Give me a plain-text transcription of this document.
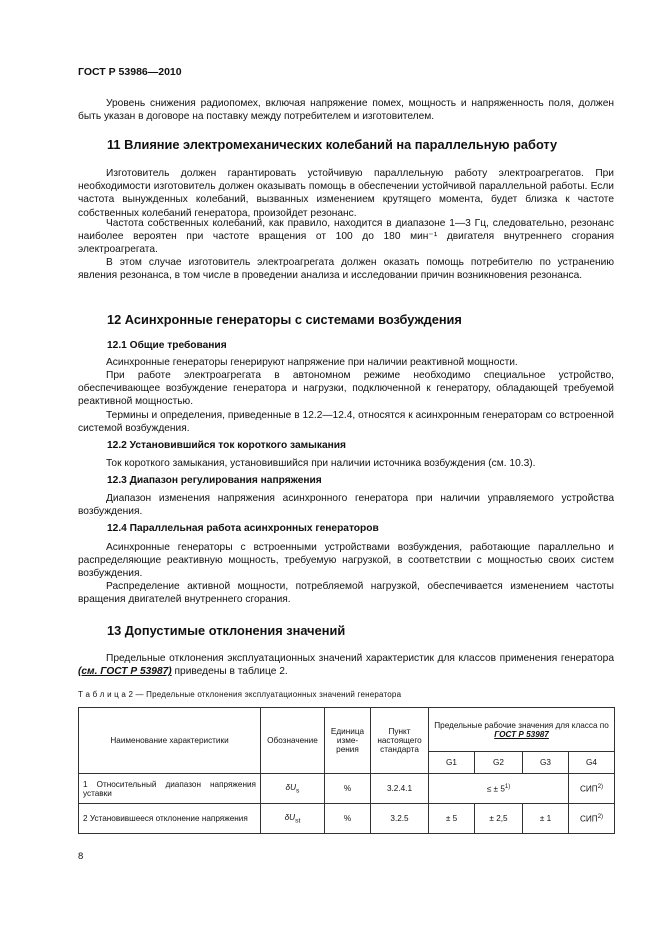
ГОСТ Р 53986—2010

Уровень снижения радиопомех, включая напряжение помех, мощность и напряженность поля, должен быть указан в договоре на поставку между потребителем и изготовителем.

11 Влияние электромеханических колебаний на параллельную работу

Изготовитель должен гарантировать устойчивую параллельную работу электроагрегатов. При необходимости изготовитель должен оказывать помощь в обеспечении устойчивой параллельной работы. Если частота вынужденных колебаний, вызванных изменением крутящего момента, будет близка к частоте собственных колебаний генератора, произойдет резонанс.

Частота собственных колебаний, как правило, находится в диапазоне 1—3 Гц, следовательно, резонанс наиболее вероятен при частоте вращения от 100 до 180 мин⁻¹ двигателя внутреннего сгорания электроагрегата.

В этом случае изготовитель электроагрегата должен оказать помощь потребителю по устранению явления резонанса, в том числе в проведении анализа и исследовании причин возникновения резонанса.

12 Асинхронные генераторы с системами возбуждения
12.1 Общие требования

Асинхронные генераторы генерируют напряжение при наличии реактивной мощности.

При работе электроагрегата в автономном режиме необходимо специальное устройство, обеспечивающее возбуждение генератора и нагрузки, подключенной к генератору, обладающей требуемой реактивной мощностью.

Термины и определения, приведенные в 12.2—12.4, относятся к асинхронным генераторам со встроенной системой возбуждения.

12.2 Установившийся ток короткого замыкания

Ток короткого замыкания, установившийся при наличии источника возбуждения (см. 10.3).

12.3 Диапазон регулирования напряжения

Диапазон изменения напряжения асинхронного генератора при наличии управляемого устройства возбуждения.

12.4 Параллельная работа асинхронных генераторов

Асинхронные генераторы с встроенными устройствами возбуждения, работающие параллельно и распределяющие реактивную мощность, требуемую нагрузкой, в соответствии с мощностью своих систем возбуждения.

Распределение активной мощности, потребляемой нагрузкой, обеспечивается изменением частоты вращения двигателей внутреннего сгорания.

13 Допустимые отклонения значений

Предельные отклонения эксплуатационных значений характеристик для классов применения генератора (см. ГОСТ Р 53987) приведены в таблице 2.

Т а б л и ц а 2 — Предельные отклонения эксплуатационных значений генератора
Наименование характеристики	Обозначение	Единица изме-рения	Пункт настоящего стандарта	Предельные рабочие значения для класса по ГОСТ Р 53987			
				G1	G2	G3	G4
1 Относительный диапазон напряжения уставки	$\delta U_s$	%	3.2.4.1	≤ ± $5^{1)}$			СИП$^{2)}$
2 Установившееся отклонение напряжения	$\delta U_{st}$	%	3.2.5	± 5	± 2,5	± 1	СИП$^{2)}$
8
